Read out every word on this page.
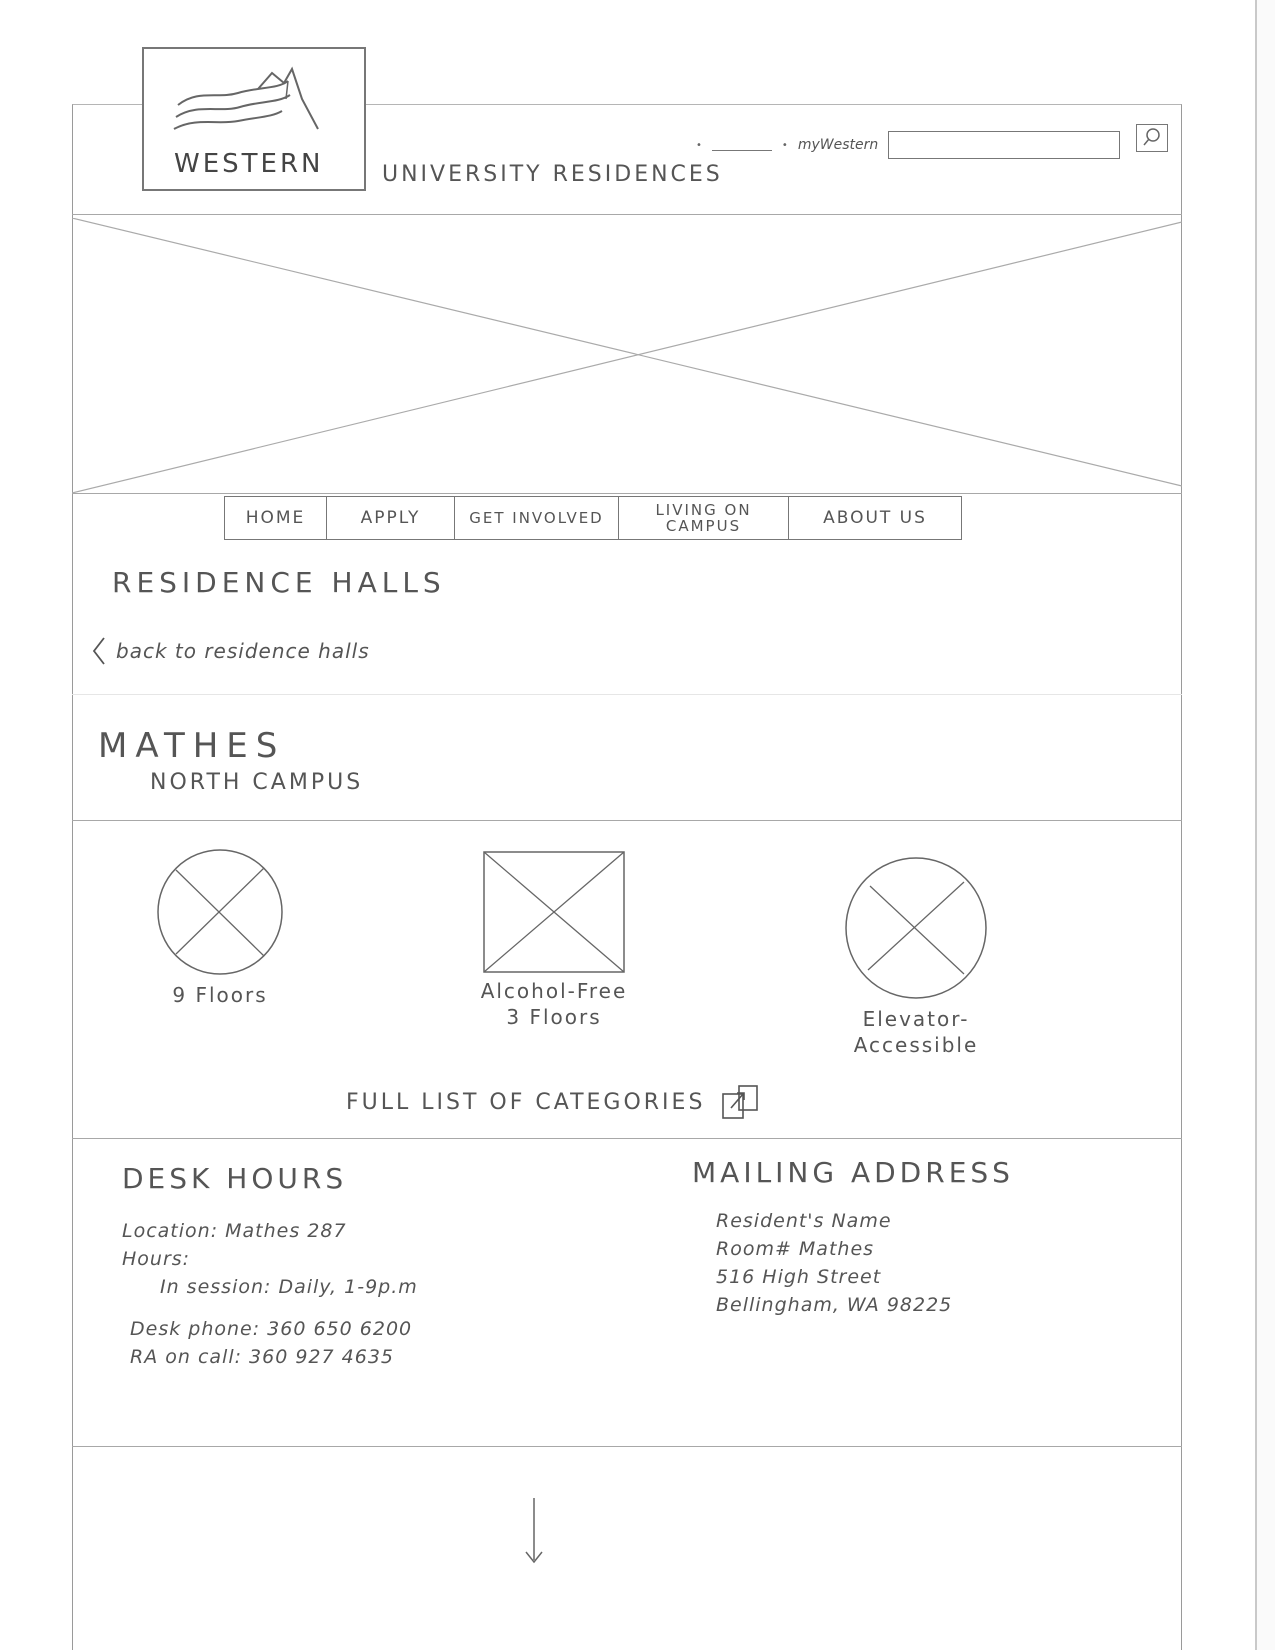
WESTERN	UNIVERSITY RESIDENCES
•	• myWestern
HOME	APPLY	GET INVOLVED	LIVING ON CAMPUS	ABOUT US
RESIDENCE HALLS
back to residence halls
MATHES
NORTH CAMPUS
9 Floors	Alcohol-Free
3 Floors	Elevator-
Accessible
FULL LIST OF CATEGORIES
DESK HOURS
Location: Mathes 287
Hours:
In session: Daily, 1-9p.m
Desk phone: 360 650 6200
RA on call: 360 927 4635
MAILING ADDRESS
Resident's Name
Room# Mathes
516 High Street
Bellingham, WA 98225
